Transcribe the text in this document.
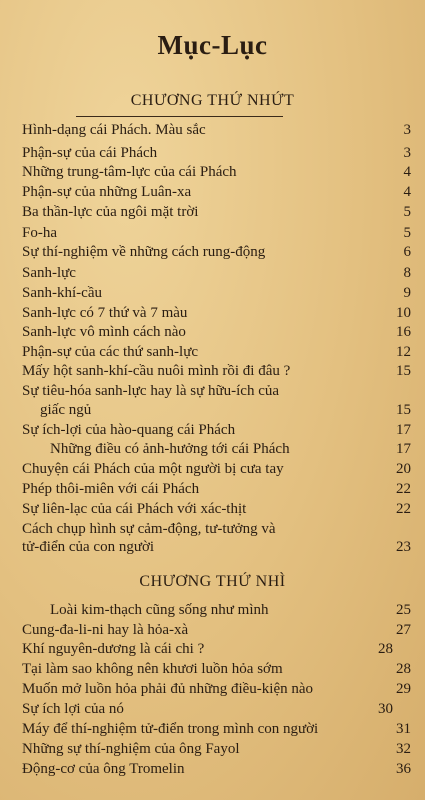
Mục-Lục
CHƯƠNG THỨ NHỨT
Hình-dạng cái Phách. Màu sắc	3
Phận-sự của cái Phách	3
Những trung-tâm-lực của cái Phách	4
Phận-sự của những Luân-xa	4
Ba thần-lực của ngôi mặt trời	5
Fo-ha	5
Sự thí-nghiệm về những cách rung-động	6
Sanh-lực	8
Sanh-khí-cầu	9
Sanh-lực có 7 thứ và 7 màu	10
Sanh-lực vô mình cách nào	16
Phận-sự của các thứ sanh-lực	12
Mấy hột sanh-khí-cầu nuôi mình rồi đi đâu ?	15
Sự tiêu-hóa sanh-lực hay là sự hữu-ích của
giấc ngủ	15
Sự ích-lợi của hào-quang cái Phách	17
Những điều có ảnh-hưởng tới cái Phách	17
Chuyện cái Phách của một người bị cưa tay	20
Phép thôi-miên với cái Phách	22
Sự liên-lạc của cái Phách với xác-thịt	22
Cách chụp hình sự cảm-động, tư-tưởng và
tử-điển của con người	23
CHƯƠNG THỨ NHÌ
Loài kim-thạch cũng sống như mình	25
Cung-đa-li-ni hay là hỏa-xà	27
Khí nguyên-dương là cái chi ?	28
Tại làm sao không nên khươi luồn hỏa sớm	28
Muốn mở luồn hỏa phải đủ những điều-kiện nào	29
Sự ích lợi của nó	30
Máy để thí-nghiệm tử-điển trong mình con người	31
Những sự thí-nghiệm của ông Fayol	32
Động-cơ của ông Tromelin	36
